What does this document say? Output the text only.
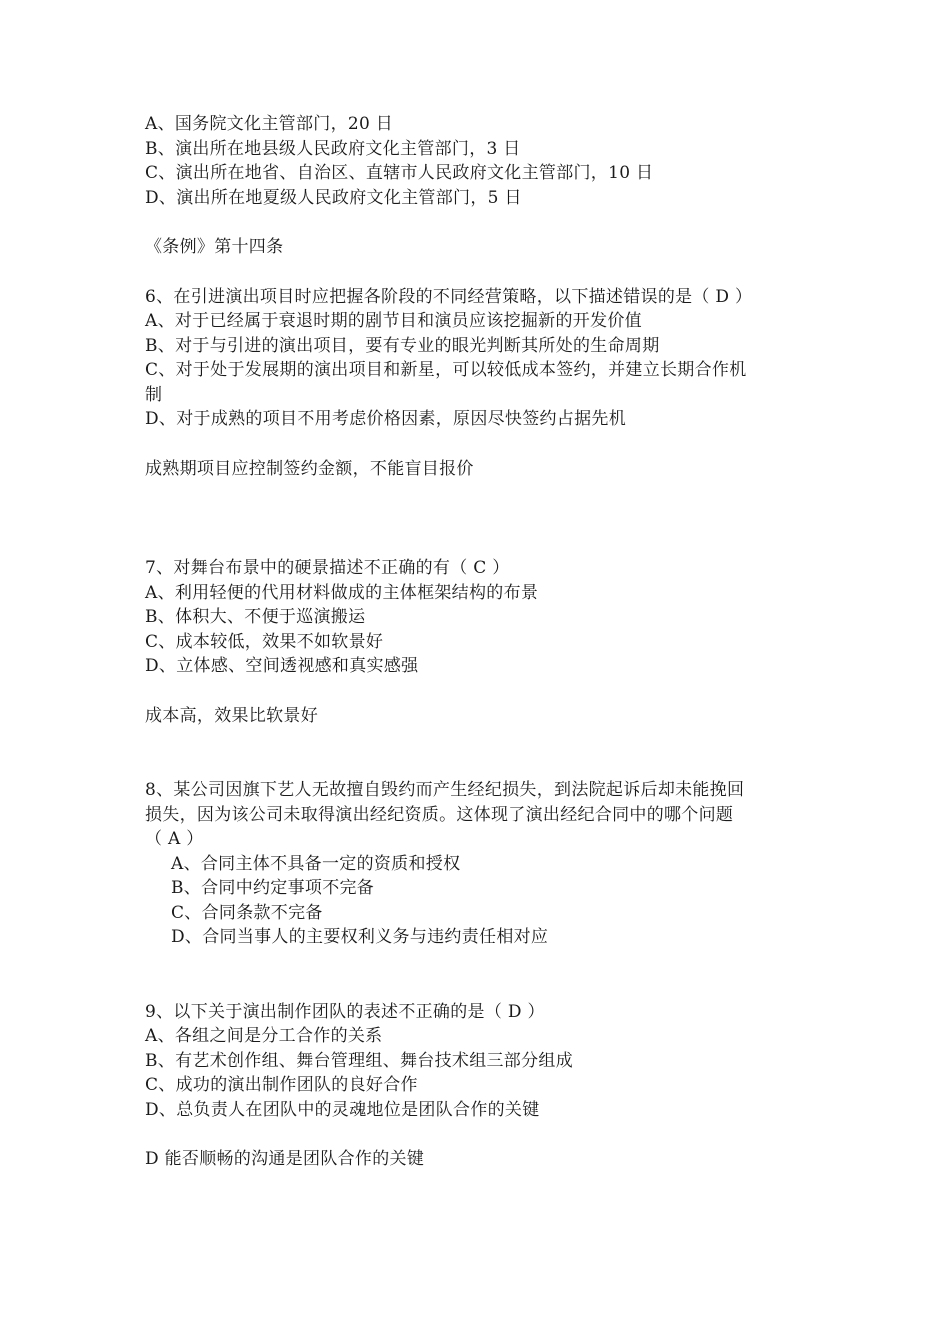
A、国务院文化主管部门，20 日
B、演出所在地县级人民政府文化主管部门，3 日
C、演出所在地省、自治区、直辖市人民政府文化主管部门，10 日
D、演出所在地夏级人民政府文化主管部门，5 日
《条例》第十四条
6、在引进演出项目时应把握各阶段的不同经营策略，以下描述错误的是（ D ）
A、对于已经属于衰退时期的剧节目和演员应该挖掘新的开发价值
B、对于与引进的演出项目，要有专业的眼光判断其所处的生命周期
C、对于处于发展期的演出项目和新星，可以较低成本签约，并建立长期合作机
制
D、对于成熟的项目不用考虑价格因素，原因尽快签约占据先机
成熟期项目应控制签约金额，不能盲目报价
7、对舞台布景中的硬景描述不正确的有（ C ）
A、利用轻便的代用材料做成的主体框架结构的布景
B、体积大、不便于巡演搬运
C、成本较低，效果不如软景好
D、立体感、空间透视感和真实感强
成本高，效果比软景好
8、某公司因旗下艺人无故擅自毁约而产生经纪损失，到法院起诉后却未能挽回
损失，因为该公司未取得演出经纪资质。这体现了演出经纪合同中的哪个问题
（ A ）
A、合同主体不具备一定的资质和授权
B、合同中约定事项不完备
C、合同条款不完备
D、合同当事人的主要权利义务与违约责任相对应
9、以下关于演出制作团队的表述不正确的是（ D ）
A、各组之间是分工合作的关系
B、有艺术创作组、舞台管理组、舞台技术组三部分组成
C、成功的演出制作团队的良好合作
D、总负责人在团队中的灵魂地位是团队合作的关键
D 能否顺畅的沟通是团队合作的关键
